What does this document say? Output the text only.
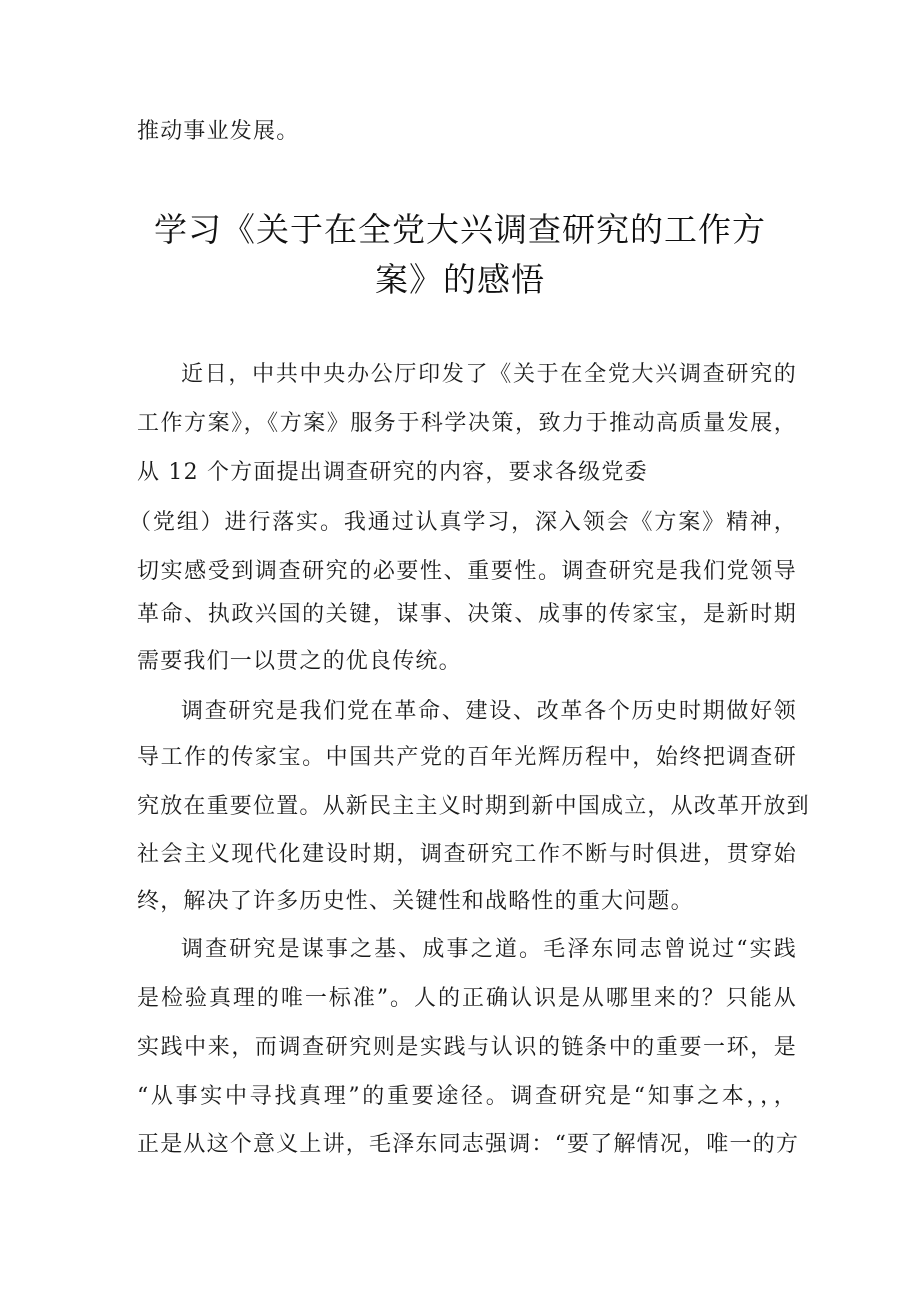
推动事业发展。
学习《关于在全党大兴调查研究的工作方
案》的感悟
近日，中共中央办公厅印发了《关于在全党大兴调查研究的
工作方案》，《方案》服务于科学决策，致力于推动高质量发展，
从 12 个方面提出调查研究的内容，要求各级党委
（党组）进行落实。我通过认真学习，深入领会《方案》精神，
切实感受到调查研究的必要性、重要性。调查研究是我们党领导
革命、执政兴国的关键，谋事、决策、成事的传家宝，是新时期
需要我们一以贯之的优良传统。
调查研究是我们党在革命、建设、改革各个历史时期做好领
导工作的传家宝。中国共产党的百年光辉历程中，始终把调查研
究放在重要位置。从新民主主义时期到新中国成立，从改革开放到
社会主义现代化建设时期，调查研究工作不断与时俱进，贯穿始
终，解决了许多历史性、关键性和战略性的重大问题。
调查研究是谋事之基、成事之道。毛泽东同志曾说过“实践
是检验真理的唯一标准”。人的正确认识是从哪里来的？只能从
实践中来，而调查研究则是实践与认识的链条中的重要一环，是
“从事实中寻找真理”的重要途径。调查研究是“知事之本，，，
正是从这个意义上讲，毛泽东同志强调：“要了解情况，唯一的方
